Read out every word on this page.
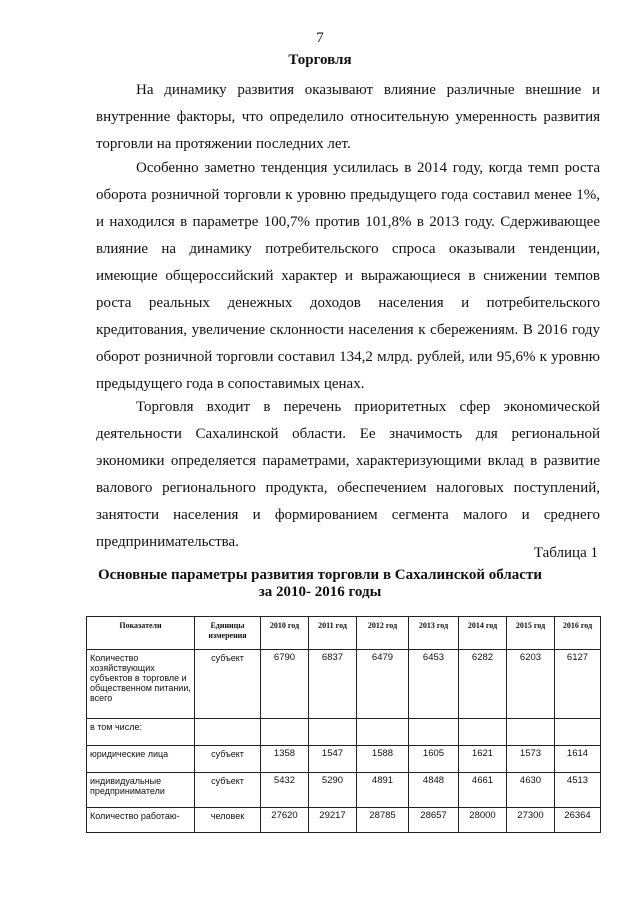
7
Торговля

На динамику развития оказывают влияние различные внешние и внутренние факторы, что определило относительную умеренность развития торговли на протяжении последних лет.

Особенно заметно тенденция усилилась в 2014 году, когда темп роста оборота розничной торговли к уровню предыдущего года составил менее 1%, и находился в параметре 100,7% против 101,8% в 2013 году. Сдерживающее влияние на динамику потребительского спроса оказывали тенденции, имеющие общероссийский характер и выражающиеся в снижении темпов роста реальных денежных доходов населения и потребительского кредитования, увеличение склонности населения к сбережениям. В 2016 году оборот розничной торговли составил 134,2 млрд. рублей, или 95,6% к уровню предыдущего года в сопоставимых ценах.

Торговля входит в перечень приоритетных сфер экономической деятельности Сахалинской области. Ее значимость для региональной экономики определяется параметрами, характеризующими вклад в развитие валового регионального продукта, обеспечением налоговых поступлений, занятости населения и формированием сегмента малого и среднего предпринимательства.

Таблица 1
Основные параметры развития торговли в Сахалинской области
за 2010- 2016 годы
Показатели	Единицы измерения	2010 год	2011 год	2012 год	2013 год	2014 год	2015 год	2016 год
Количество хозяйствующих субъектов в торговле и общественном питании, всего	субъект	6790	6837	6479	6453	6282	6203	6127
в том числе:								
юридические лица	субъект	1358	1547	1588	1605	1621	1573	1614
индивидуальные предприниматели	субъект	5432	5290	4891	4848	4661	4630	4513
Количество работаю-	человек	27620	29217	28785	28657	28000	27300	26364
